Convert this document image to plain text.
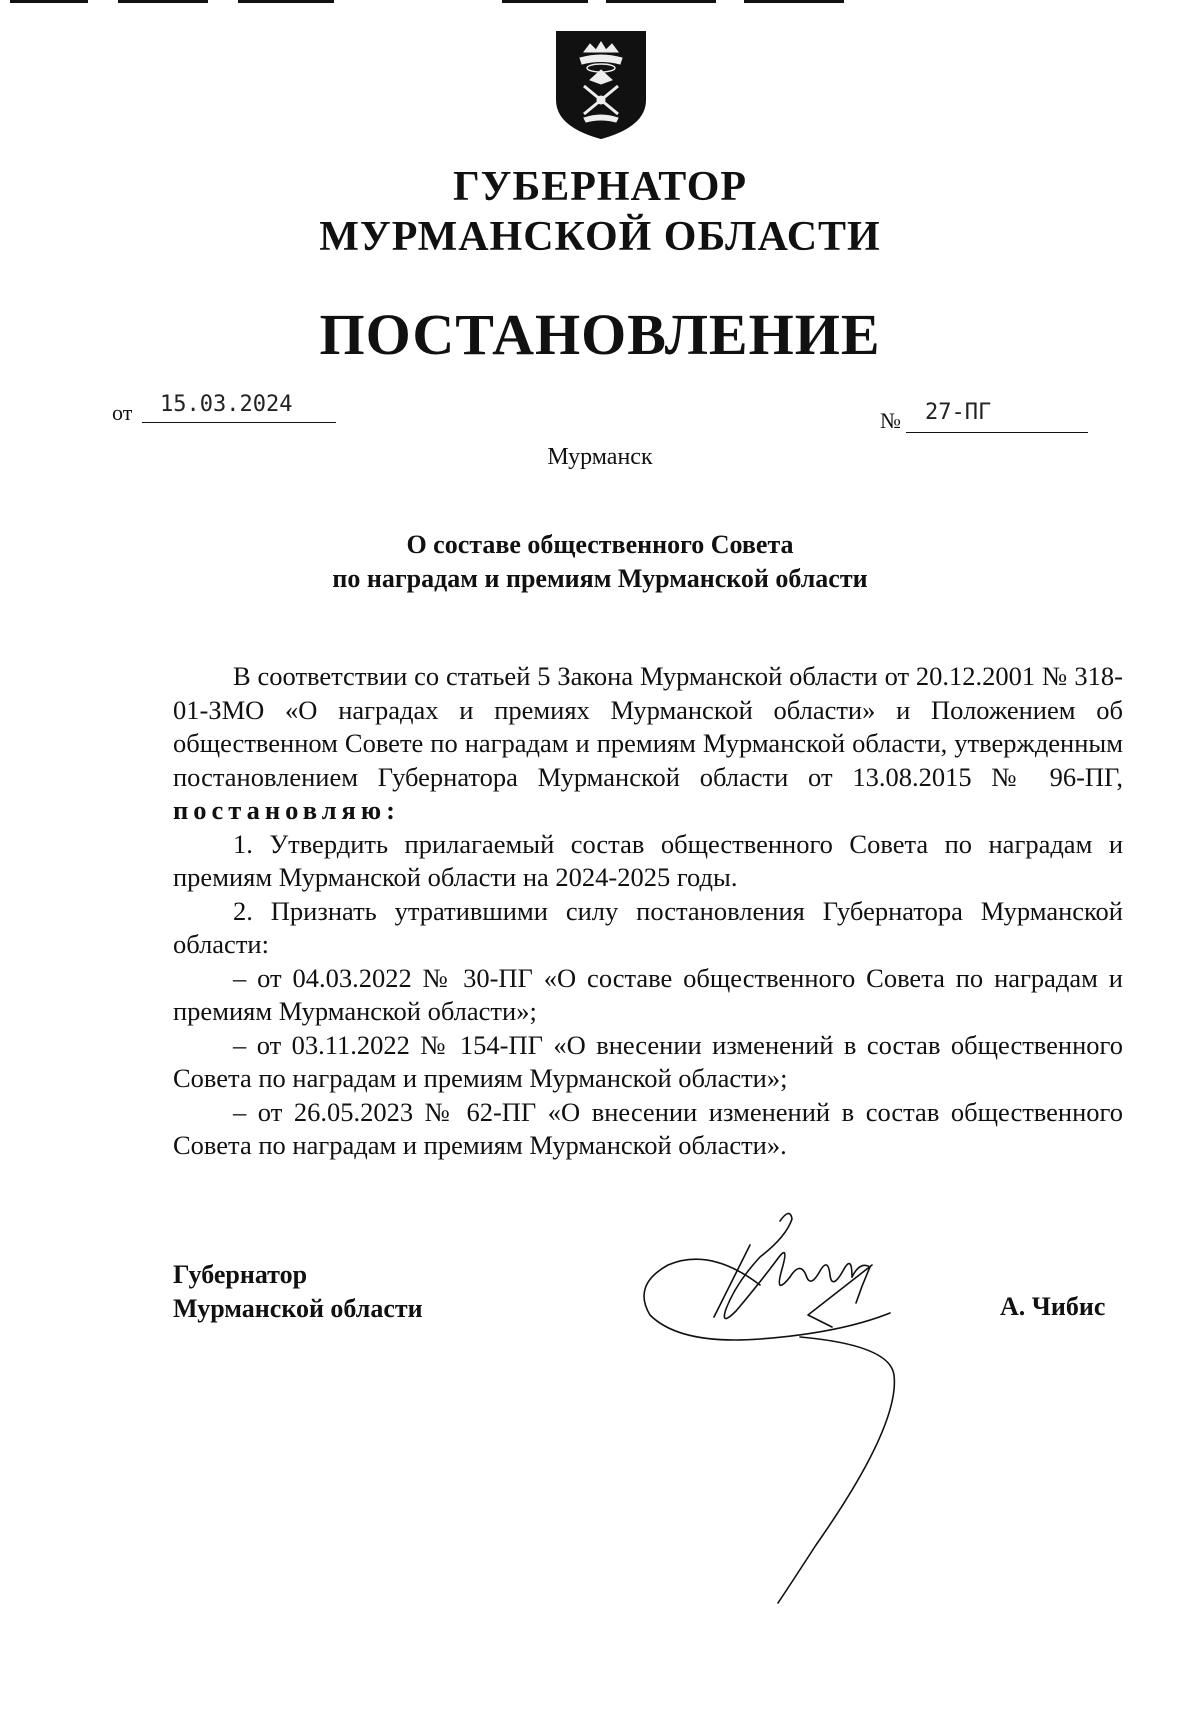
ГУБЕРНАТОР
МУРМАНСКОЙ ОБЛАСТИ
ПОСТАНОВЛЕНИЕ
от 15.03.2024
№ 27-ПГ
Мурманск
О составе общественного Совета
по наградам и премиям Мурманской области

В соответствии со статьей 5 Закона Мурманской области от 20.12.2001 № 318-01-ЗМО «О наградах и премиях Мурманской области» и Положением об общественном Совете по наградам и премиям Мурманской области, утвержденным постановлением Губернатора Мурманской области от 13.08.2015 № 96-ПГ, постановляю:

1. Утвердить прилагаемый состав общественного Совета по наградам и премиям Мурманской области на 2024-2025 годы.

2. Признать утратившими силу постановления Губернатора Мурманской области:

– от 04.03.2022 № 30-ПГ «О составе общественного Совета по наградам и премиям Мурманской области»;

– от 03.11.2022 № 154-ПГ «О внесении изменений в состав общественного Совета по наградам и премиям Мурманской области»;

– от 26.05.2023 № 62-ПГ «О внесении изменений в состав общественного Совета по наградам и премиям Мурманской области».

Губернатор
Мурманской области	А. Чибис
